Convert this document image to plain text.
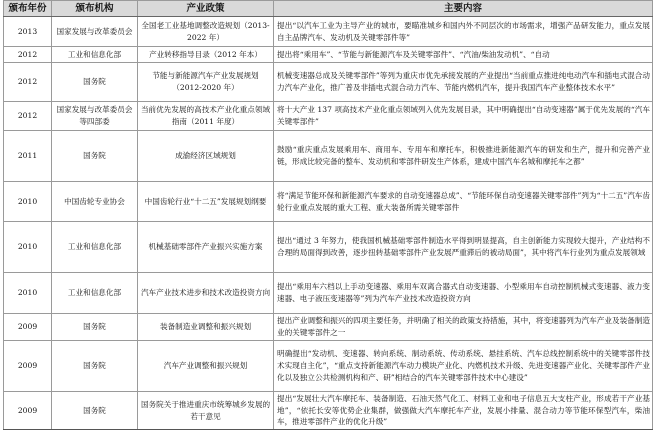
颁布年份	颁布机构	产业政策	主要内容
2013	国家发展与改革委员会	全国老工业基地调整改造规划（2013-2022 年）	提出“以汽车工业为主导产业的城市，要瞄准城乡和国内外不同层次的市场需求，增强产品研发能力，重点发展自主品牌汽车、发动机及关键零部件等”
2012	工业和信息化部	产业转移指导目录（2012 年本）	提出将“乘用车”、“节能与新能源汽车及关键零部件”、“汽油/柴油发动机”、“自动
2012	国务院	节能与新能源汽车产业发展规划（2012-2020 年）	机械变速器总成及关键零部件”等列为重庆市优先承接发展的产业提出“当前重点推进纯电动汽车和插电式混合动力汽车产业化，推广普及非插电式混合动力汽车、节能内燃机汽车，提升我国汽车产业整体技术水平”
2012	国家发展与改革委员会等四部委	当前优先发展的高技术产业化重点领域指南（2011 年度）	将十大产业 137 项高技术产业化重点领域列入优先发展目录，其中明确提出“自动变速器”属于优先发展的“汽车关键零部件”
2011	国务院	成渝经济区域规划	鼓励“重庆重点发展乘用车、商用车、专用车和摩托车，积极推进新能源汽车的研发和生产，提升和完善产业链，形成比较完备的整车、发动机和零部件研发生产体系，建成中国汽车名城和摩托车之都”
2010	中国齿轮专业协会	中国齿轮行业“十二五”发展规划纲要	将“满足节能环保和新能源汽车要求的自动变速器总成”、“节能环保自动变速器关键零部件”列为“十二五”汽车齿轮行业重点发展的重大工程、重大装备所需关键零部件
2010	工业和信息化部	机械基础零部件产业振兴实施方案	提出“通过 3 年努力，使我国机械基础零部件制造水平得到明显提高，自主创新能力实现较大提升，产业结构不合理的局面得到改善，逐步扭转基础零部件产业发展严重滞后的被动局面”，其中将汽车行业列为重点发展领域
2010	工业和信息化部	汽车产业技术进步和技术改造投资方向	提出“乘用车六档以上手动变速器、乘用车双离合器式自动变速器、小型乘用车自动控制机械式变速器、液力变速器、电子液压变速器等”列为汽车产业技术改造投资方向
2009	国务院	装备制造业调整和振兴规划	提出产业调整和振兴的四项主要任务，并明确了相关的政策支持措施，其中，将变速器列为汽车产业及装备制造业的关键零部件之一
2009	国务院	汽车产业调整和振兴规划	明确提出“发动机、变速器、转向系统、制动系统、传动系统、悬挂系统、汽车总线控制系统中的关键零部件技术实现自主化”，“重点支持新能源汽车动力模块产业化、内燃机技术升级、先进变速器产业化、关键零部件产业化以及独立公共检测机构和产、研”相结合的汽车关键零部件技术中心建设”
2009	国务院	国务院关于推进重庆市统筹城乡发展的若干意见	提出“发展壮大汽车摩托车、装备制造、石油天然气化工、材料工业和电子信息五大支柱产业，形成若干产业基地”，“依托长安等优势企业集群，做强做大汽车摩托车产业，发展小排量、混合动力等节能环保型汽车，柴油车，推进零部件产业的优化升级”
